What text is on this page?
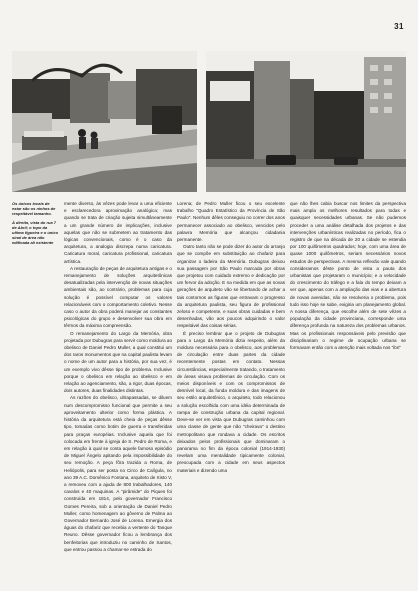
31

Os únicos locais de estar são os ninhos de respeitável tamanho.

À direita, vista do rua 7 de Abril; o topo da ultima figueira e o único sinal de área não edificada ali existente

mente diverso, às vêzes pode levar a uma eficiente e esclarecedora aproximação analógica; mas quando se trata de criação sujeita simultâneamente a um grande número de implicações, inclusive aquelas que não se submetem ao tratamento das lógicas convencionais, como é o caso da arquitetura, a analogia discrepa numa caricatura. Caricatura moral, caricatura profissional, caricatura artística.

A restauração de peças de arquitetura antigas e o remanejamento de soluções arquitetônicas desatualizadas pela intervenção de novas situações ambientais são, ao contrário, problemas para cuja solução é possível computar os valores relacionáveis com o comportamento coletivo. Nesse caso o autor da obra poderá manejar as constantes psicológicas do grupo e desenvolver sua obra em têrmos da máxima compreensão.

O remanejamento do Largo da Memória, obra projetada por Dubugras para servir como moldura ao obelisco de Daniel Pedro Muller, a qual constitui um dos raros monumentos que na capital paulista levam o nome de um autor para a história, por sua vez, é um exemplo vivo dêsse tipo de problema. Inclusive porque o obelisco em relação ao obelisco e em relação ao agenciamento, são, a rigor, duas épocas, dois autores, duas finalidades distintas.

As razões do obelisco, ultrapassadas, se diluem num descompromisso funcional que permite a seu aproveitamento ulterior como forma plástica. A história da arquitetura está cheia de peças dêsse tipo, tomadas como botim de guerra e transferidas para praças européias. Inclusive aquela que foi colocada em frente à igreja de S. Pedro de Roma, e em relação à qual se conta aquele famoso episódio de Miguel Ângelo apitando pela impossibilidade do seu remoção. A peça fôra trazida a Roma, de Heliópolis, para ser posta no Circo de Calígula, no ano 39 A.C. Domênico Fontana, arquiteto de Xisto V, a removeu com a ajuda de 800 trabalhadores, 140 cavalos e 40 maquinas. A "pirâmide" do Piques foi construída em 1814, pelo governador Francisco Gomes Pereira, sob a orientação de Daniel Pedro Muller, como homenagem ao gôverno de Palma ao Governador Bernardo José de Lorena. Emergia dos águas do chafariz que recebia a vertente do Tanque Reuno. Dêsse governador ficou a lembrança dos benfeitorias que introduziu no caminho de Santos, que entrou passou a chamar-se estrada do

Lorena; de Pedro Muller ficou o seu excelente trabalho "Quadro Estatístico da Província de São Paulo". Nenhum dêles conseguiu no correr dos anos permanecer associado ao obelisco, vencidos pelo palavra Memória que alcançou cidadania permanente.

Outro tanto não se pode dizer do autor do arranjo que se compõe em substituição ao chafariz para organizar o ladeira da Memória. Dubugras deixou sua passagem por São Paulo marcada por obras que projetou com cuidado extremo e dedicação por um fervor da adoção. E na medida em que as novas gerações de arquiteto vão se libertando de achar a tais contornos as figuras que entravam o progresso da arquitetura paulista, seu figura de profissional zeloso e competente, e suas obras cuidadas e bem desenhadas, vão aos poucos adquirindo o valor respeitável das coisas sérias.

É preciso lembrar que o projeto de Dubugras para o Largo da Memória dizia respeito, além da moldura necessária para o obelisco, aos problemas de circulação entre duas partes da cidade recentemente postas em contato. Nessas circunstâncias, especialmente tratando, o tratamento de áreas visava problemas de circulação. Com os meios disponíveis e com os compromissos de desnível local, da funda moldura e das imagens de seu estilo arquitetônico, o arquiteto, todo relacionou a solução escolhida com uma idéia determinada de rampa de construção urbana da capital regional. Deve-se ver em vista que Dubugras caminhou com uma classe de gente que não "cheirava" o destino metropolitano que rondava a cidade. Os escritos deixados pelos profissionais que dominaram o panorama no fim da época colonial (1914-1930) revelam uma mentalidade tipicamente colonial, preocupada com a cidade em seus aspectos materiais e dizendo uma

que não lhes cabia buscar nos limites da perspectiva mais ampla os melhores resultados para todas e quaisquer necessidades urbanas. Se não pudemos proceder a uma análise detalhada dos projetos e das intervenções urbanísticas realizadas no período, fica o registro de que na década de 20 a cidade se estendia por 100 quilômetros quadrados; hoje, com uma área de quase 1000 quilômetros, seriam necessários novos estudos de perspectivas. A mesma reflexão vale quando consideramos dêste ponto de vista a pauta dos urbanistas que projetaram o município; e a velocidade do crescimento do tráfego e a fala do tempo deixam a ver que, apenas com a ampliação das vias e a abertura de novas avenidas, não se resolveria o problema, pois tudo isso hoje se sabe, exigiria um planejamento global. A nossa diferença, que escolhe além de sete vêzes a população da cidade provinciana, corresponde uma diferença profunda na natureza dos problemas urbanos. Mas os profissionais responsáveis pelo previsão que disciplinariam o regime de ocupação urbana se formavam então com a atenção mais voltada nos "ibri"
